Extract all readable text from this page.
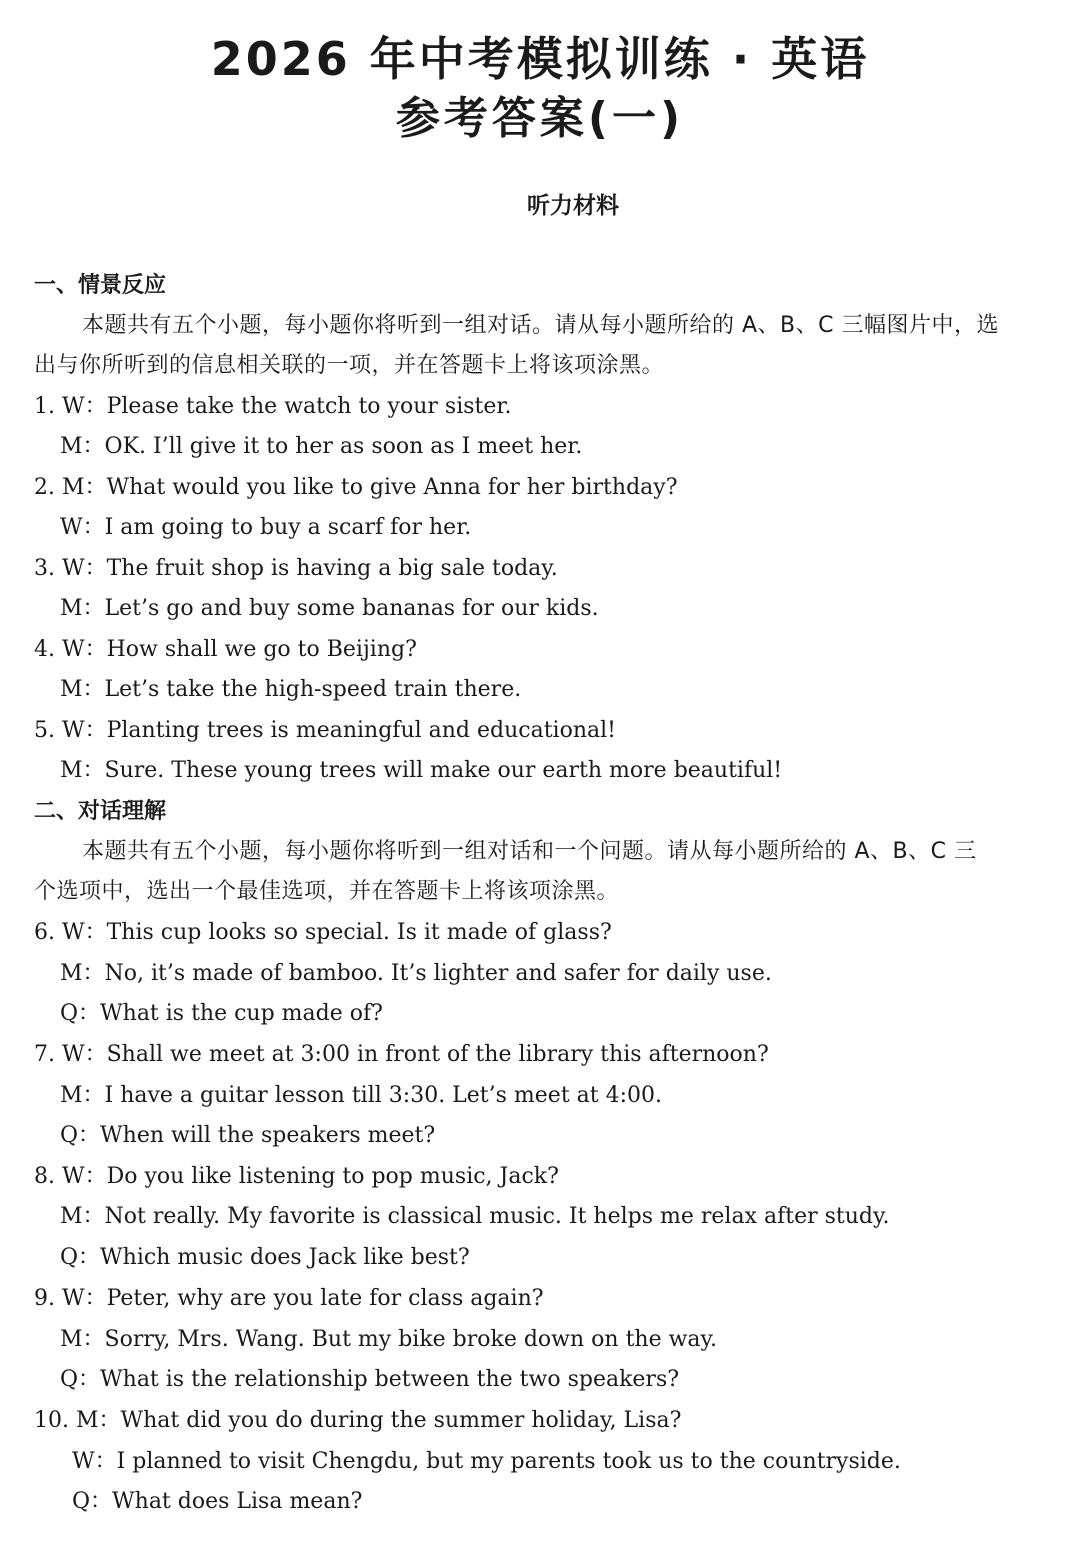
2026 年中考模拟训练 · 英语
参考答案(一)
听力材料
一、情景反应
本题共有五个小题，每小题你将听到一组对话。请从每小题所给的 A、B、C 三幅图片中，选
出与你所听到的信息相关联的一项，并在答题卡上将该项涂黑。
1. W：Please take the watch to your sister.
M：OK. I’ll give it to her as soon as I meet her.
2. M：What would you like to give Anna for her birthday?
W：I am going to buy a scarf for her.
3. W：The fruit shop is having a big sale today.
M：Let’s go and buy some bananas for our kids.
4. W：How shall we go to Beijing?
M：Let’s take the high-speed train there.
5. W：Planting trees is meaningful and educational!
M：Sure. These young trees will make our earth more beautiful!
二、对话理解
本题共有五个小题，每小题你将听到一组对话和一个问题。请从每小题所给的 A、B、C 三
个选项中，选出一个最佳选项，并在答题卡上将该项涂黑。
6. W：This cup looks so special. Is it made of glass?
M：No, it’s made of bamboo. It’s lighter and safer for daily use.
Q：What is the cup made of?
7. W：Shall we meet at 3:00 in front of the library this afternoon?
M：I have a guitar lesson till 3:30. Let’s meet at 4:00.
Q：When will the speakers meet?
8. W：Do you like listening to pop music, Jack?
M：Not really. My favorite is classical music. It helps me relax after study.
Q：Which music does Jack like best?
9. W：Peter, why are you late for class again?
M：Sorry, Mrs. Wang. But my bike broke down on the way.
Q：What is the relationship between the two speakers?
10. M：What did you do during the summer holiday, Lisa?
W：I planned to visit Chengdu, but my parents took us to the countryside.
Q：What does Lisa mean?
